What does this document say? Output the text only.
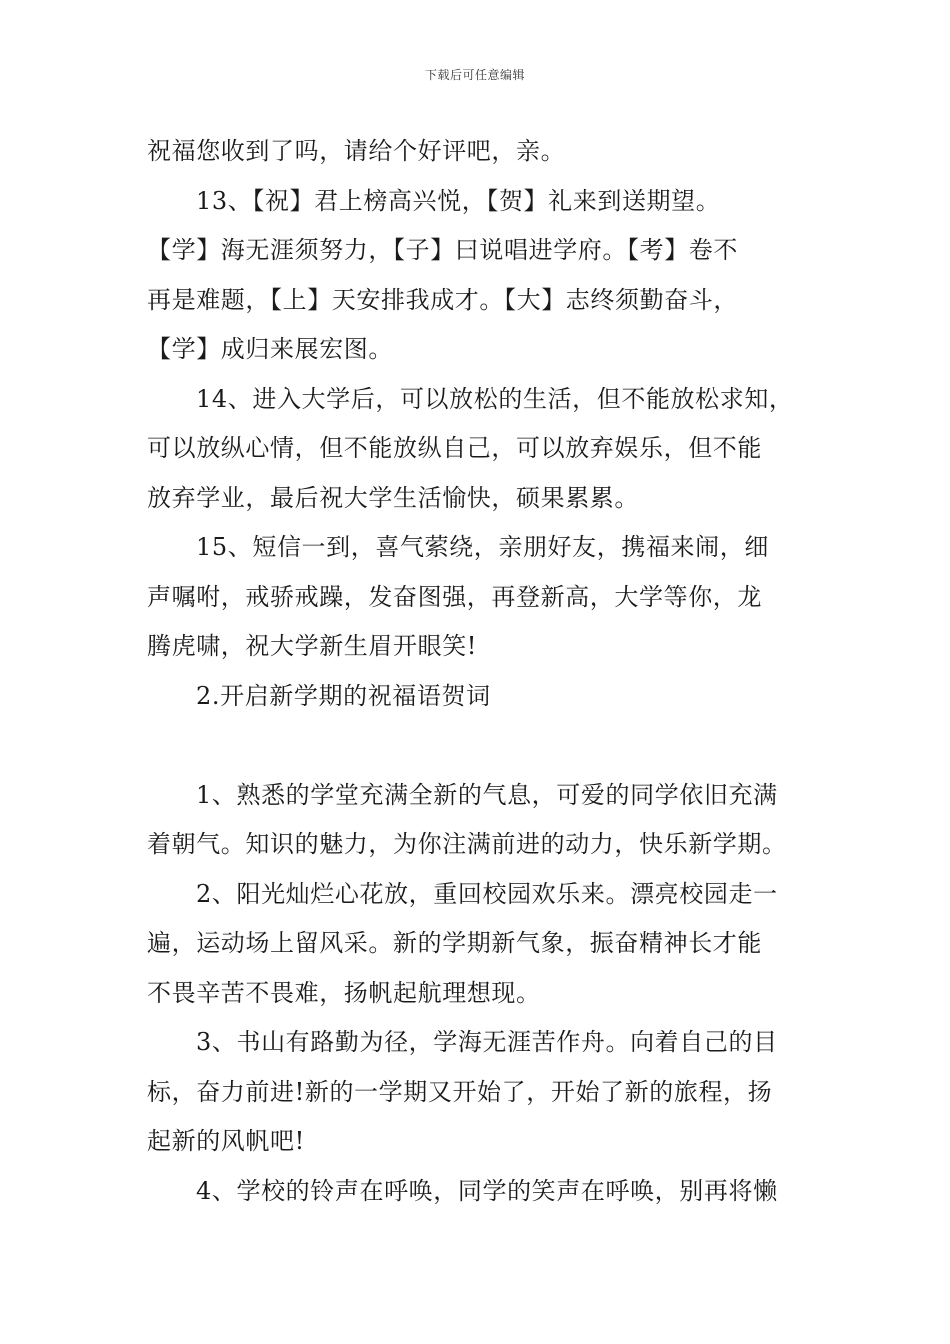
下载后可任意编辑
祝福您收到了吗，请给个好评吧，亲。
13、【祝】君上榜高兴悦，【贺】礼来到送期望。
【学】海无涯须努力，【子】曰说唱进学府。【考】卷不
再是难题，【上】天安排我成才。【大】志终须勤奋斗，
【学】成归来展宏图。
14、进入大学后，可以放松的生活，但不能放松求知，
可以放纵心情，但不能放纵自己，可以放弃娱乐，但不能
放弃学业，最后祝大学生活愉快，硕果累累。
15、短信一到，喜气萦绕，亲朋好友，携福来闹，细
声嘱咐，戒骄戒躁，发奋图强，再登新高，大学等你，龙
腾虎啸，祝大学新生眉开眼笑!
2.开启新学期的祝福语贺词
1、熟悉的学堂充满全新的气息，可爱的同学依旧充满
着朝气。知识的魅力，为你注满前进的动力，快乐新学期。
2、阳光灿烂心花放，重回校园欢乐来。漂亮校园走一
遍，运动场上留风采。新的学期新气象，振奋精神长才能
不畏辛苦不畏难，扬帆起航理想现。
3、书山有路勤为径，学海无涯苦作舟。向着自己的目
标，奋力前进!新的一学期又开始了，开始了新的旅程，扬
起新的风帆吧!
4、学校的铃声在呼唤，同学的笑声在呼唤，别再将懒
